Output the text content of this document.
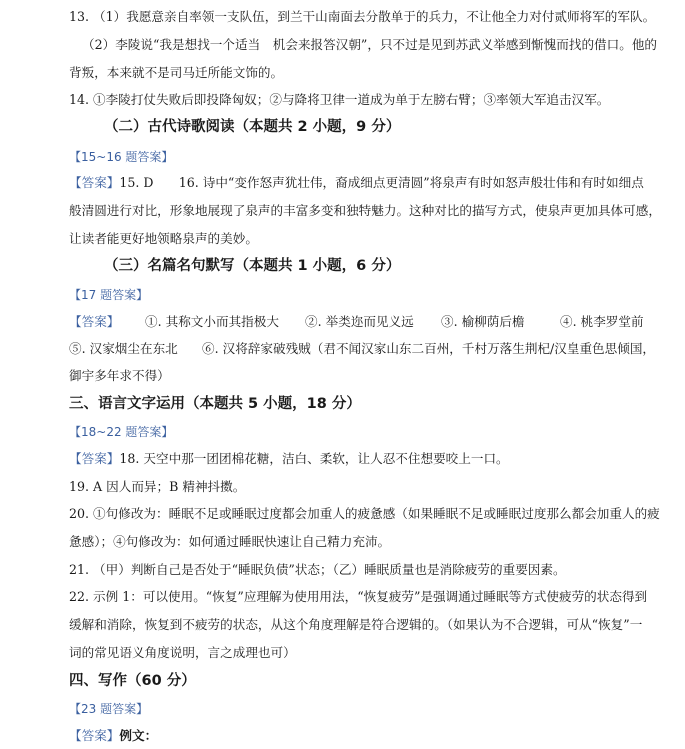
13. （1）我愿意亲自率领一支队伍，到兰干山南面去分散单于的兵力，不让他全力对付贰师将军的军队。
（2）李陵说“我是想找一个适当　机会来报答汉朝”，只不过是见到苏武义举感到惭愧而找的借口。他的
背叛，本来就不是司马迁所能文饰的。
14. ①李陵打仗失败后即投降匈奴；②与降将卫律一道成为单于左膀右臂；③率领大军追击汉军。
（二）古代诗歌阅读（本题共 2 小题，9 分）
【15~16 题答案】
【答案】15. D　　16. 诗中“变作怒声犹壮伟，裔成细点更清圆”将泉声有时如怒声般壮伟和有时如细点
般清圆进行对比，形象地展现了泉声的丰富多变和独特魅力。这种对比的描写方式，使泉声更加具体可感，
让读者能更好地领略泉声的美妙。
（三）名篇名句默写（本题共 1 小题，6 分）
【17 题答案】
【答案】 ①. 其称文小而其指极大 ②. 举类迩而见义远 ③. 榆柳荫后檐	④. 桃李罗堂前
⑤. 汉家烟尘在东北 ⑥. 汉将辞家破残贼（君不闻汉家山东二百州，千村万落生荆杞/汉皇重色思倾国，
御宇多年求不得）
三、语言文字运用（本题共 5 小题，18 分）
【18~22 题答案】
【答案】18. 天空中那一团团棉花糖，洁白、柔软，让人忍不住想要咬上一口。
19. A 因人而异；B 精神抖擞。
20. ①句修改为：睡眠不足或睡眠过度都会加重人的疲惫感（如果睡眠不足或睡眠过度那么都会加重人的疲
惫感）；④句修改为：如何通过睡眠快速让自己精力充沛。
21. （甲）判断自己是否处于“睡眠负债”状态；（乙）睡眠质量也是消除疲劳的重要因素。
22. 示例 1：可以使用。“恢复”应理解为使用用法，“恢复疲劳”是强调通过睡眠等方式使疲劳的状态得到
缓解和消除，恢复到不疲劳的状态，从这个角度理解是符合逻辑的。（如果认为不合逻辑，可从“恢复”一
词的常见语义角度说明，言之成理也可）
四、写作（60 分）
【23 题答案】
【答案】例文：
